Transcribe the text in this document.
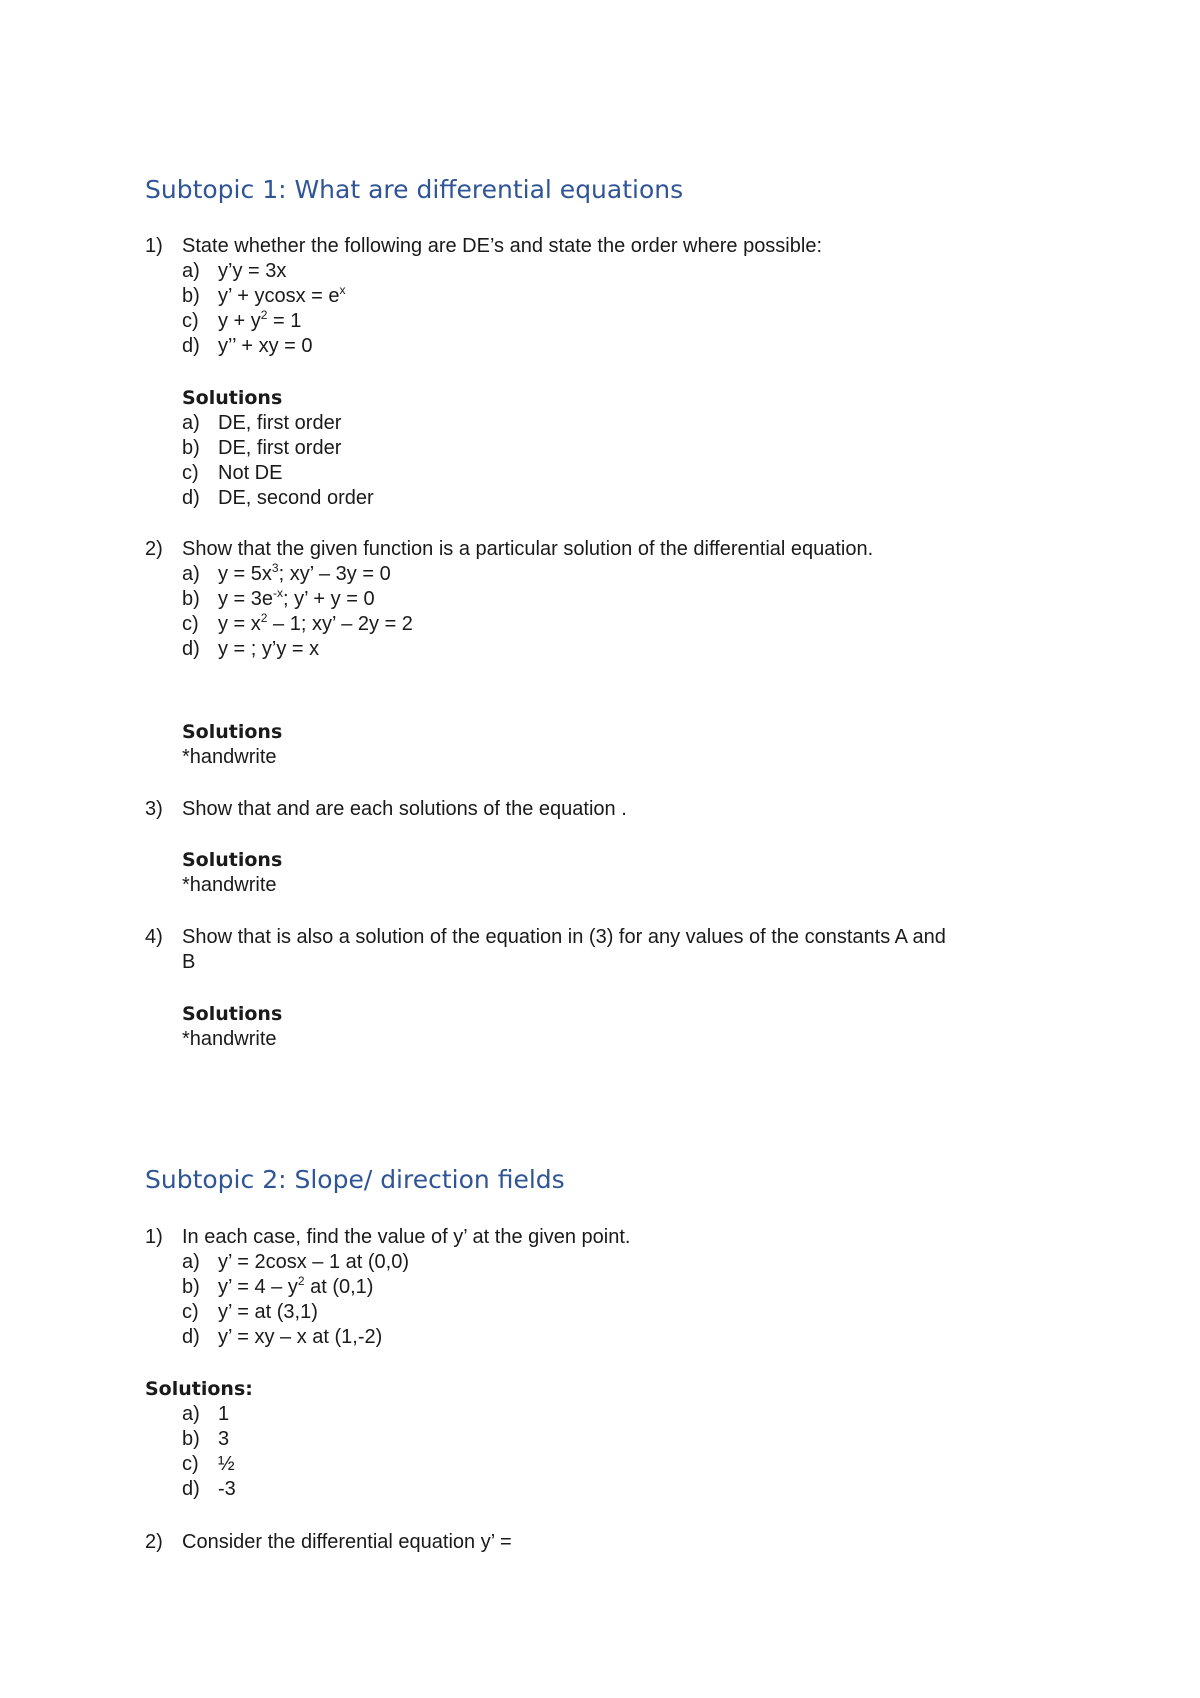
Subtopic 1: What are differential equations
1) State whether the following are DE’s and state the order where possible:
a) y’y = 3x
b) y’ + $ycosx = e^x$
c) $y + y^2 = 1$
d) y’’ + xy = 0
Solutions
a) DE, first order
b) DE, first order
c) Not DE
d) DE, second order
2) Show that the given function is a particular solution of the differential equation.
a) $y = 5x^3$; xy’ – 3y = 0
b) $y = 3e^{-x}$; y’ + y = 0
c) $y = x^2 - 1$; xy’ – 2y = 2
d) y = ; y’y = x
Solutions
*handwrite
3) Show that and are each solutions of the equation .
Solutions
*handwrite
4) Show that is also a solution of the equation in (3) for any values of the constants A and
B
Solutions
*handwrite
Subtopic 2: Slope/ direction fields
1) In each case, find the value of y’ at the given point.
a) y’ = 2cosx – 1 at (0,0)
b) y’ = $4 - y^2$ at (0,1)
c) y’ = at (3,1)
d) y’ = xy – x at (1,-2)
Solutions:
a) 1
b) 3
c) ½
d) -3
2) Consider the differential equation y’ =
